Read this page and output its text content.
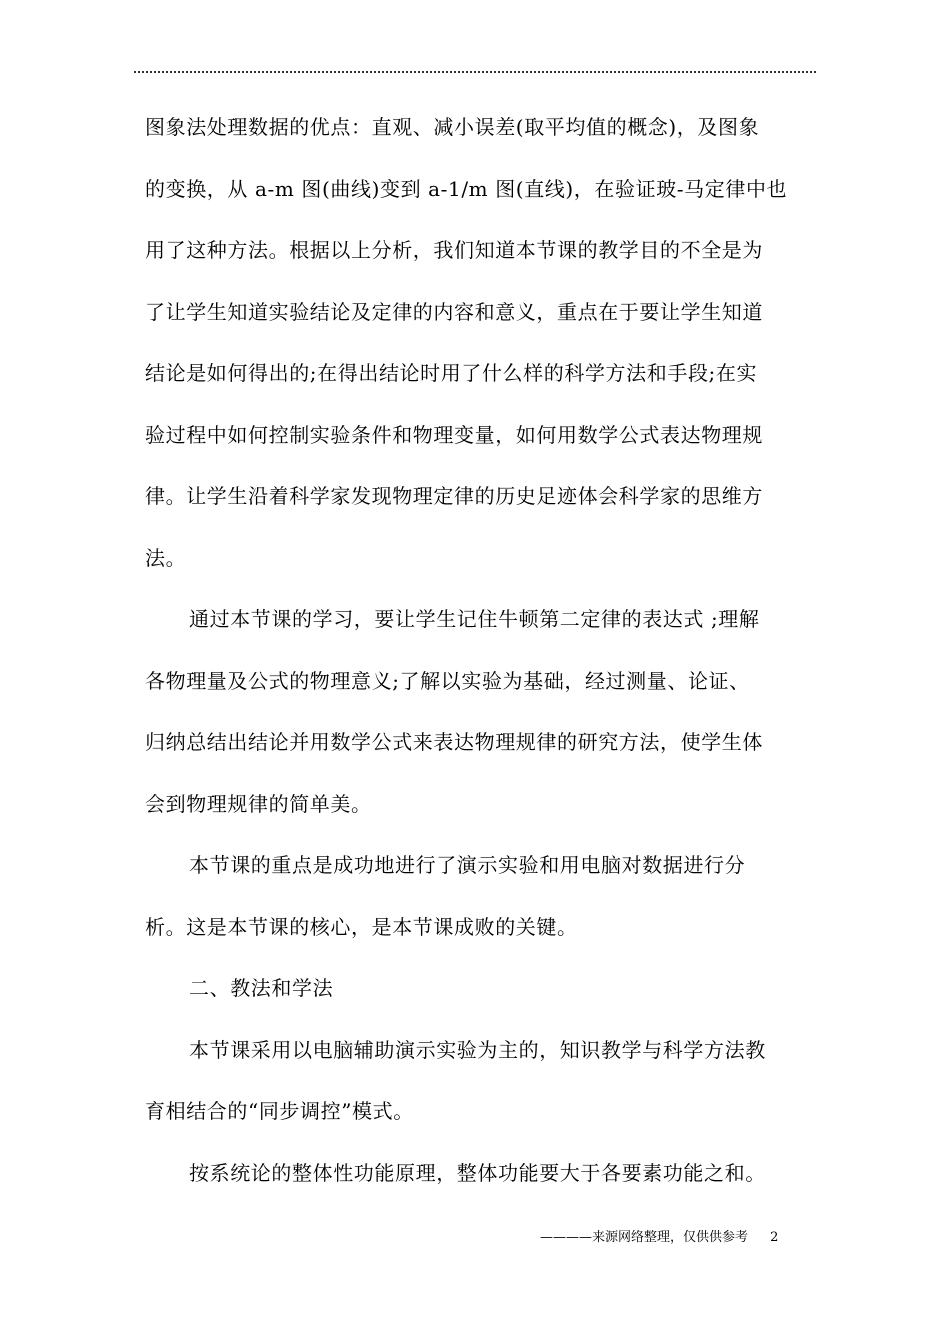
图象法处理数据的优点：直观、减小误差(取平均值的概念)，及图象
的变换，从 a-m 图(曲线)变到 a-1/m 图(直线)，在验证玻-马定律中也
用了这种方法。根据以上分析，我们知道本节课的教学目的不全是为
了让学生知道实验结论及定律的内容和意义，重点在于要让学生知道
结论是如何得出的;在得出结论时用了什么样的科学方法和手段;在实
验过程中如何控制实验条件和物理变量，如何用数学公式表达物理规
律。让学生沿着科学家发现物理定律的历史足迹体会科学家的思维方
法。
通过本节课的学习，要让学生记住牛顿第二定律的表达式 ;理解
各物理量及公式的物理意义;了解以实验为基础，经过测量、论证、
归纳总结出结论并用数学公式来表达物理规律的研究方法，使学生体
会到物理规律的简单美。
本节课的重点是成功地进行了演示实验和用电脑对数据进行分
析。这是本节课的核心，是本节课成败的关键。
二、教法和学法
本节课采用以电脑辅助演示实验为主的，知识教学与科学方法教
育相结合的“同步调控”模式。
按系统论的整体性功能原理，整体功能要大于各要素功能之和。
————来源网络整理，仅供供参考 2
